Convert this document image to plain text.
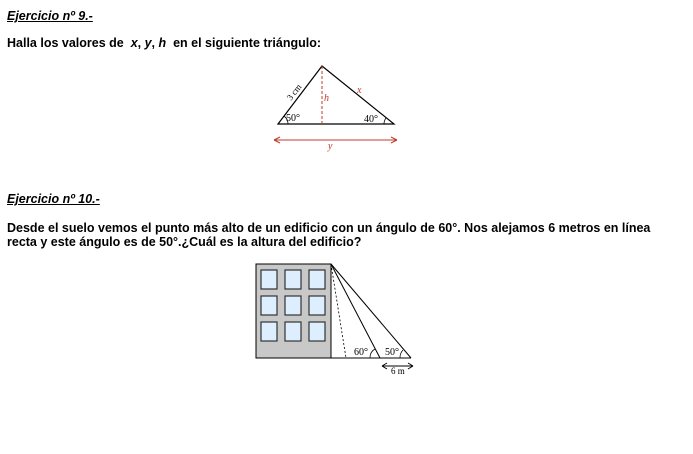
Ejercicio nº 9.-
Halla los valores de x, y, h en el siguiente triángulo:
3 cm h
x
50°	40°
y
60° 50°
6 m
Ejercicio nº 10.-
Desde el suelo vemos el punto más alto de un edificio con un ángulo de 60°. Nos alejamos 6 metros en línea
recta y este ángulo es de 50°.¿Cuál es la altura del edificio?
